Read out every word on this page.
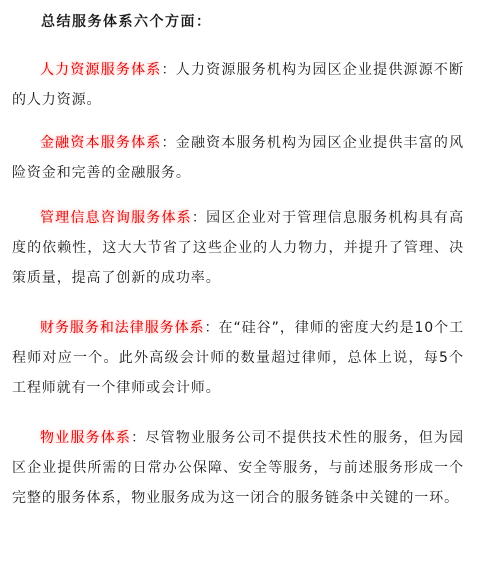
总结服务体系六个方面：

人力资源服务体系：人力资源服务机构为园区企业提供源源不断的人力资源。

金融资本服务体系：金融资本服务机构为园区企业提供丰富的风险资金和完善的金融服务。

管理信息咨询服务体系：园区企业对于管理信息服务机构具有高度的依赖性，这大大节省了这些企业的人力物力，并提升了管理、决策质量，提高了创新的成功率。

财务服务和法律服务体系：在“硅谷”，律师的密度大约是10个工程师对应一个。此外高级会计师的数量超过律师，总体上说，每5个工程师就有一个律师或会计师。

物业服务体系：尽管物业服务公司不提供技术性的服务，但为园区企业提供所需的日常办公保障、安全等服务，与前述服务形成一个完整的服务体系，物业服务成为这一闭合的服务链条中关键的一环。
